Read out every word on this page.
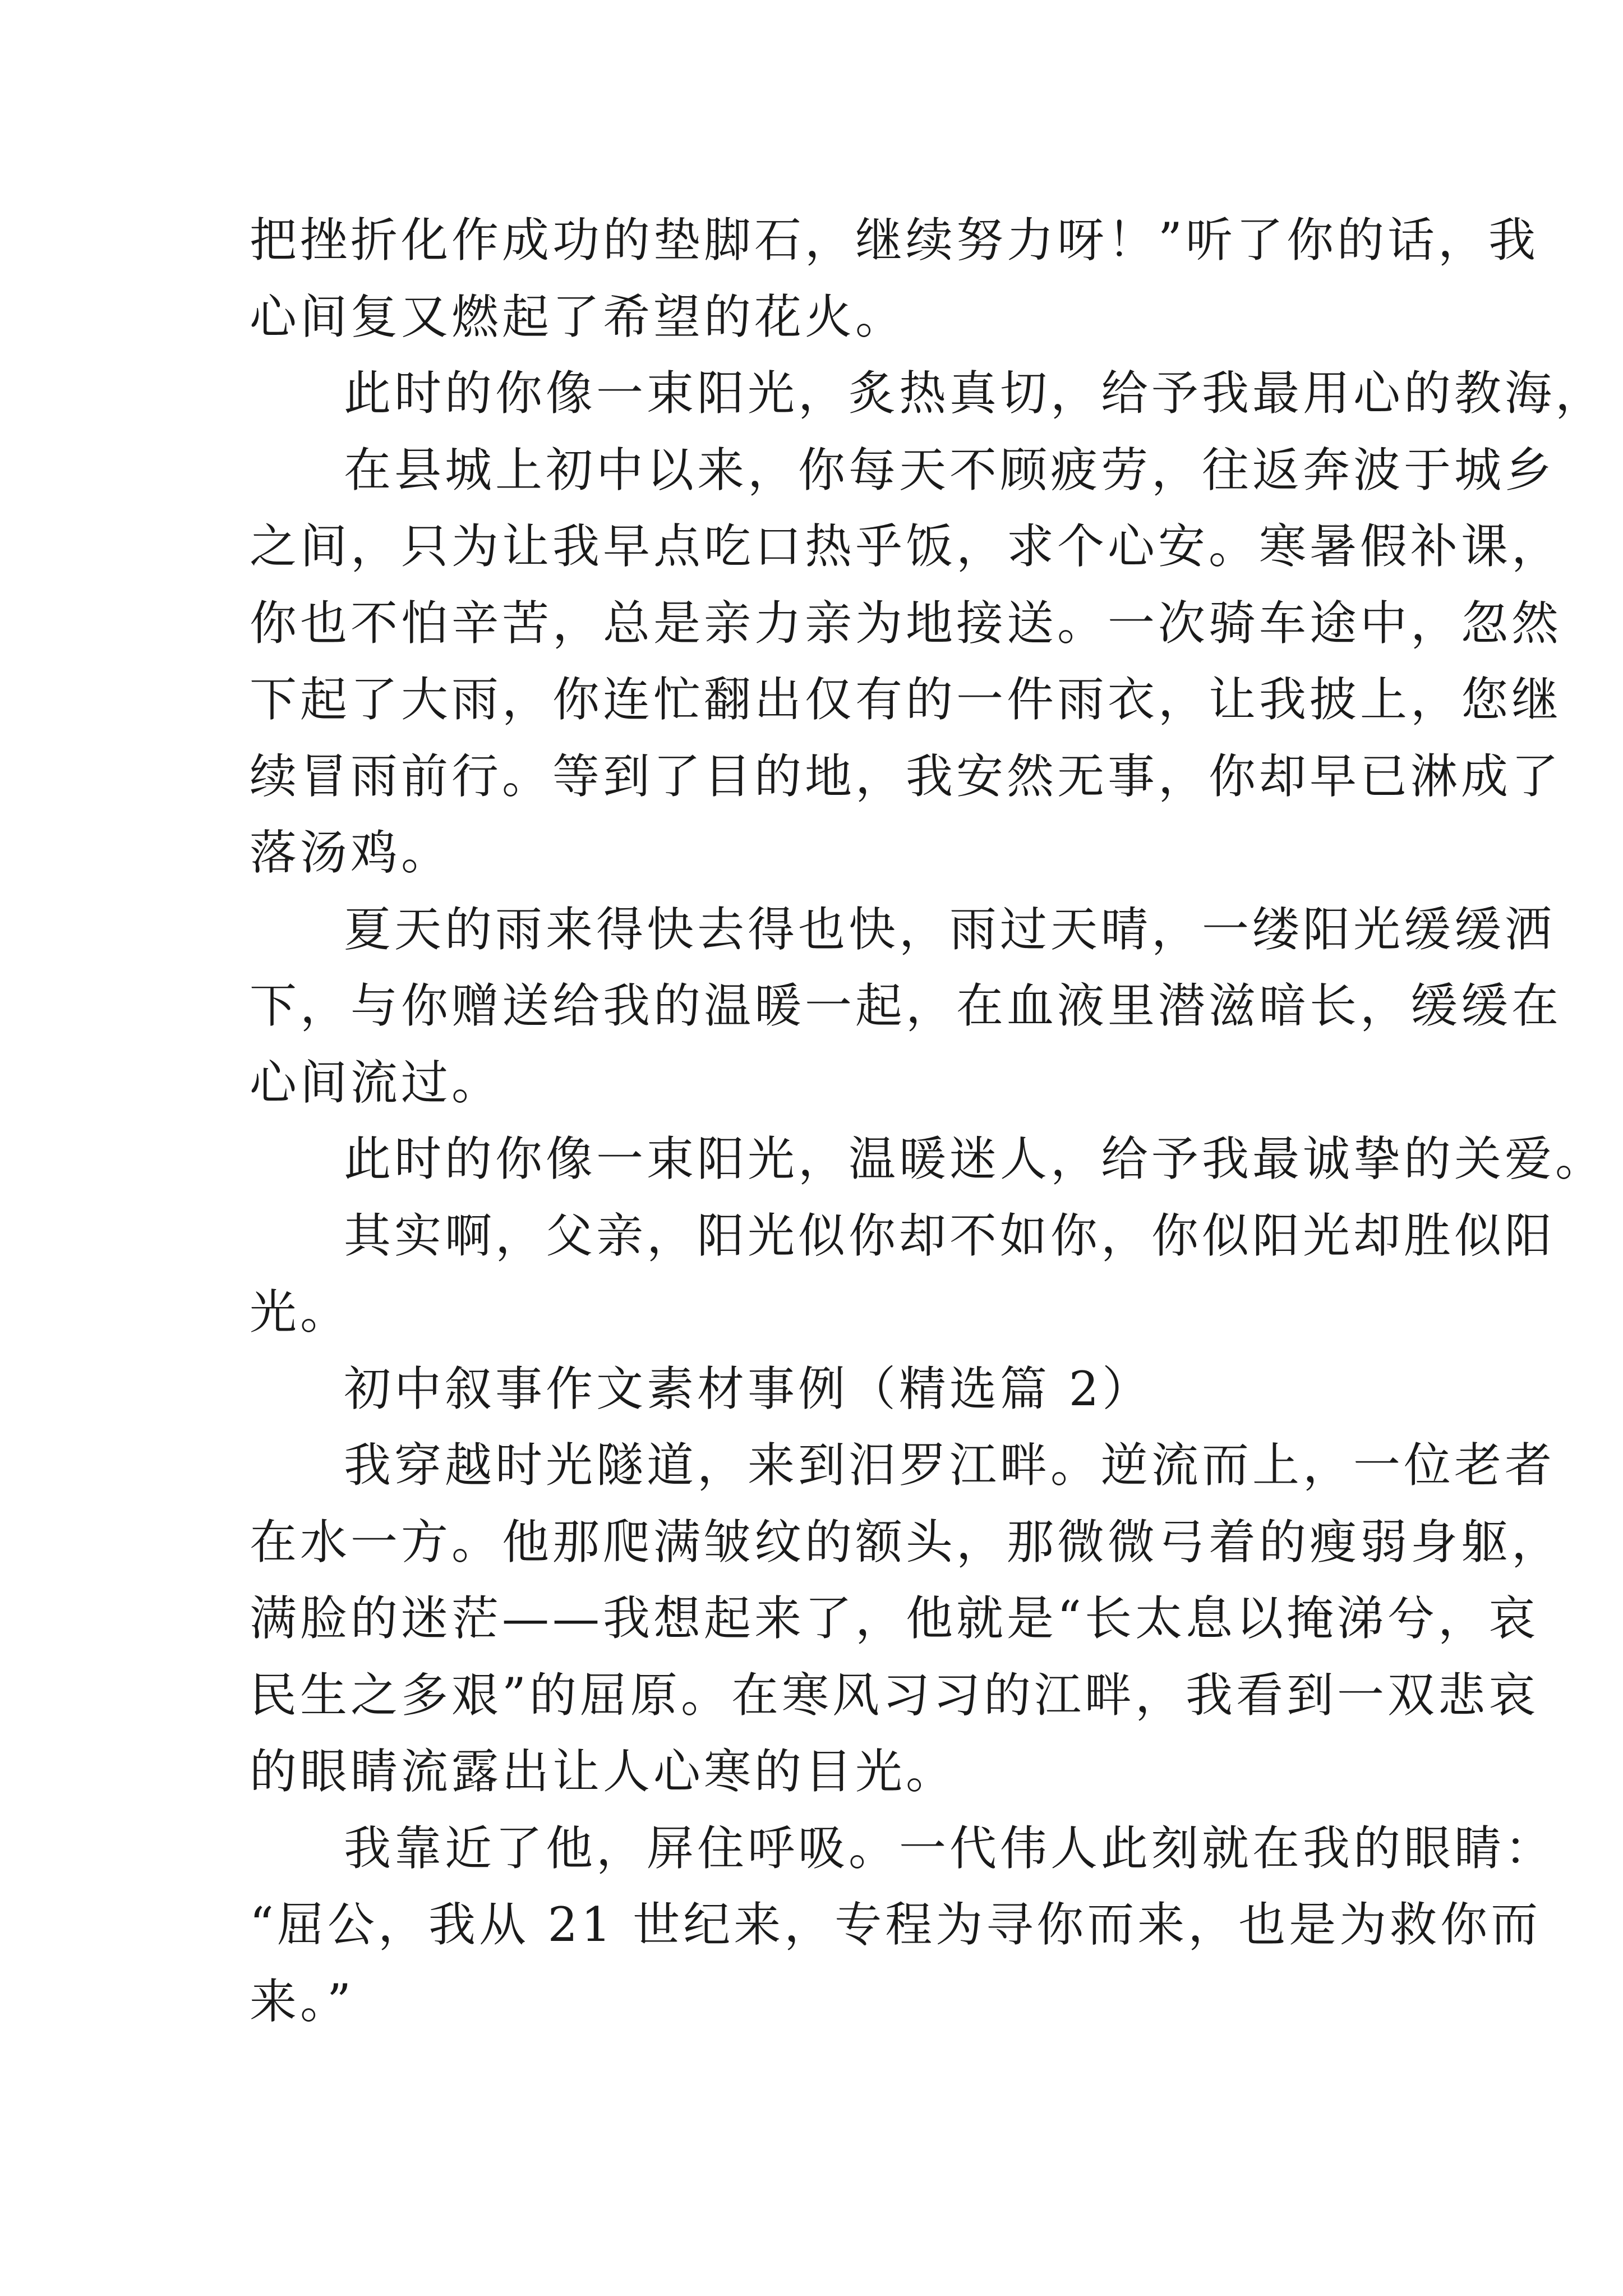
把挫折化作成功的垫脚石，继续努力呀！”听了你的话，我
心间复又燃起了希望的花火。
此时的你像一束阳光，炙热真切，给予我最用心的教海，
在县城上初中以来，你每天不顾疲劳，往返奔波于城乡
之间，只为让我早点吃口热乎饭，求个心安。寒暑假补课，
你也不怕辛苦，总是亲力亲为地接送。一次骑车途中，忽然
下起了大雨，你连忙翻出仅有的一件雨衣，让我披上，您继
续冒雨前行。等到了目的地，我安然无事，你却早已淋成了
落汤鸡。
夏天的雨来得快去得也快，雨过天晴，一缕阳光缓缓洒
下，与你赠送给我的温暖一起，在血液里潜滋暗长，缓缓在
心间流过。
此时的你像一束阳光，温暖迷人，给予我最诚挚的关爱。
其实啊，父亲，阳光似你却不如你，你似阳光却胜似阳
光。
初中叙事作文素材事例（精选篇 2）
我穿越时光隧道，来到汨罗江畔。逆流而上，一位老者
在水一方。他那爬满皱纹的额头，那微微弓着的瘦弱身躯，
满脸的迷茫——我想起来了，他就是“长太息以掩涕兮，哀
民生之多艰”的屈原。在寒风习习的江畔，我看到一双悲哀
的眼睛流露出让人心寒的目光。
我靠近了他，屏住呼吸。一代伟人此刻就在我的眼睛：
“屈公，我从 21 世纪来，专程为寻你而来，也是为救你而
来。”
